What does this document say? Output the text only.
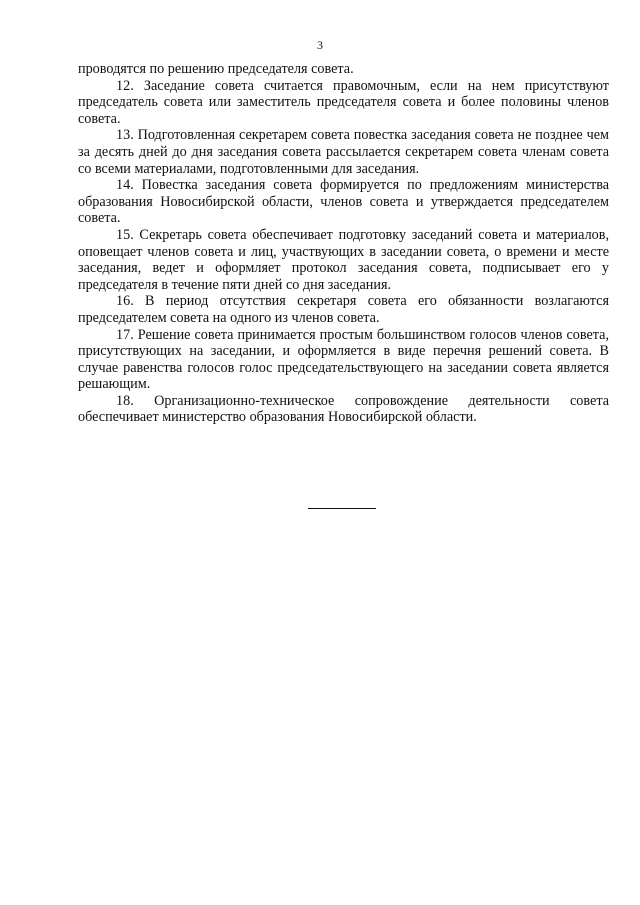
3

проводятся по решению председателя совета.

12. Заседание совета считается правомочным, если на нем присутствуют председатель совета или заместитель председателя совета и более половины членов совета.

13. Подготовленная секретарем совета повестка заседания совета не позднее чем за десять дней до дня заседания совета рассылается секретарем совета членам совета со всеми материалами, подготовленными для заседания.

14. Повестка заседания совета формируется по предложениям министерства образования Новосибирской области, членов совета и утверждается председателем совета.

15. Секретарь совета обеспечивает подготовку заседаний совета и материалов, оповещает членов совета и лиц, участвующих в заседании совета, о времени и месте заседания, ведет и оформляет протокол заседания совета, подписывает его у председателя в течение пяти дней со дня заседания.

16. В период отсутствия секретаря совета его обязанности возлагаются председателем совета на одного из членов совета.

17. Решение совета принимается простым большинством голосов членов совета, присутствующих на заседании, и оформляется в виде перечня решений совета. В случае равенства голосов голос председательствующего на заседании совета является решающим.

18. Организационно-техническое сопровождение деятельности совета обеспечивает министерство образования Новосибирской области.
